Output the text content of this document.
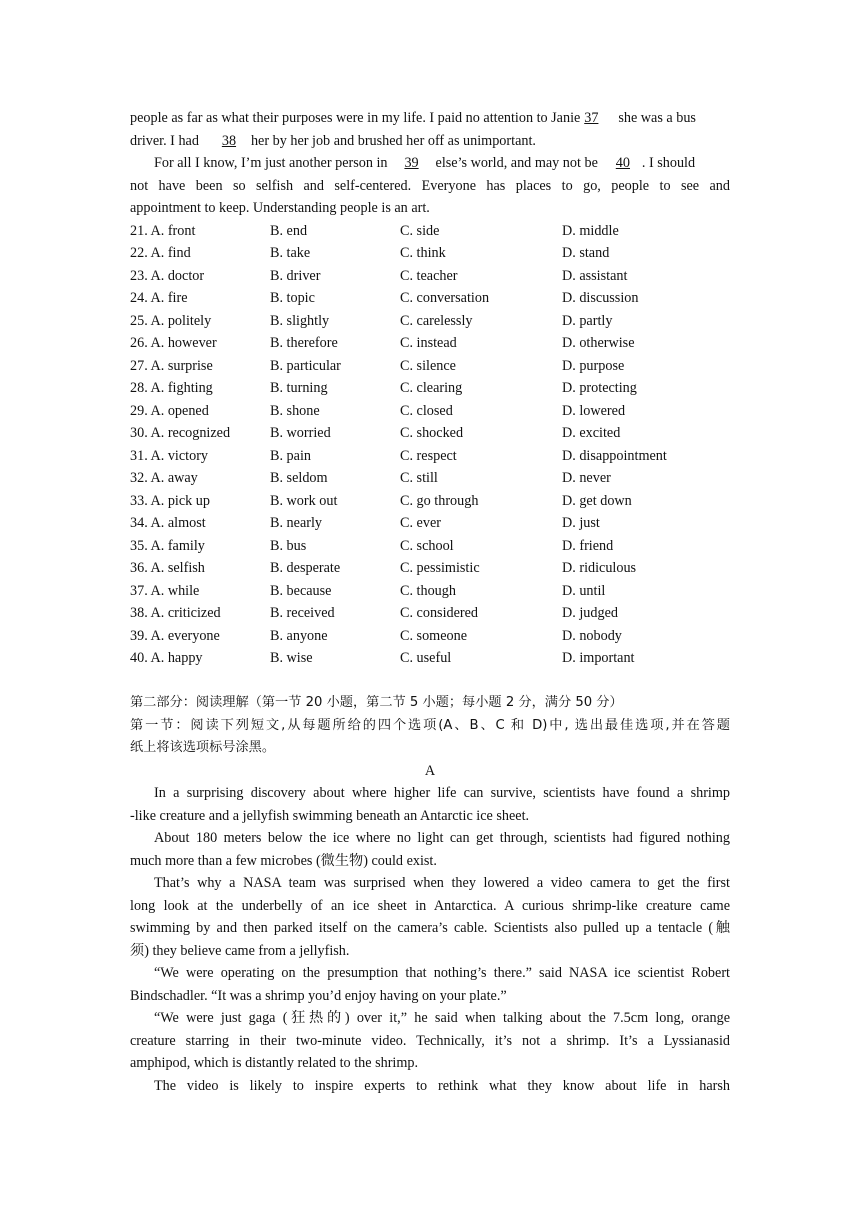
people as far as what their purposes were in my life. I paid no attention to Janie 37 she was a bus
driver. I had 38 her by her job and brushed her off as unimportant.
For all I know, I’m just another person in 39 else’s world, and may not be 40 . I should
not have been so selfish and self-centered. Everyone has places to go, people to see and
appointment to keep. Understanding people is an art.
21. A. front	B. end	C. side	D. middle
22. A. find	B. take	C. think	D. stand
23. A. doctor	B. driver	C. teacher	D. assistant
24. A. fire	B. topic	C. conversation	D. discussion
25. A. politely	B. slightly	C. carelessly	D. partly
26. A. however	B. therefore	C. instead	D. otherwise
27. A. surprise	B. particular	C. silence	D. purpose
28. A. fighting	B. turning	C. clearing	D. protecting
29. A. opened	B. shone	C. closed	D. lowered
30. A. recognized	B. worried	C. shocked	D. excited
31. A. victory	B. pain	C. respect	D. disappointment
32. A. away	B. seldom	C. still	D. never
33. A. pick up	B. work out	C. go through	D. get down
34. A. almost	B. nearly	C. ever	D. just
35. A. family	B. bus	C. school	D. friend
36. A. selfish	B. desperate	C. pessimistic	D. ridiculous
37. A. while	B. because	C. though	D. until
38. A. criticized	B. received	C. considered	D. judged
39. A. everyone	B. anyone	C. someone	D. nobody
40. A. happy	B. wise	C. useful	D. important
第二部分：阅读理解（第一节 20 小题，第二节 5 小题；每小题 2 分，满分 50 分）
第一节：阅读下列短文,从每题所给的四个选项(A、B、C 和 D)中, 选出最佳选项,并在答题
纸上将该选项标号涂黑。
A
In a surprising discovery about where higher life can survive, scientists have found a shrimp
-like creature and a jellyfish swimming beneath an Antarctic ice sheet.
About 180 meters below the ice where no light can get through, scientists had figured nothing
much more than a few microbes (微生物) could exist.
That’s why a NASA team was surprised when they lowered a video camera to get the first
long look at the underbelly of an ice sheet in Antarctica. A curious shrimp-like creature came
swimming by and then parked itself on the camera’s cable. Scientists also pulled up a tentacle (触
须) they believe came from a jellyfish.
“We were operating on the presumption that nothing’s there.” said NASA ice scientist Robert
Bindschadler. “It was a shrimp you’d enjoy having on your plate.”
“We were just gaga (狂热的) over it,” he said when talking about the 7.5cm long, orange
creature starring in their two-minute video. Technically, it’s not a shrimp. It’s a Lyssianasid
amphipod, which is distantly related to the shrimp.
The video is likely to inspire experts to rethink what they know about life in harsh
